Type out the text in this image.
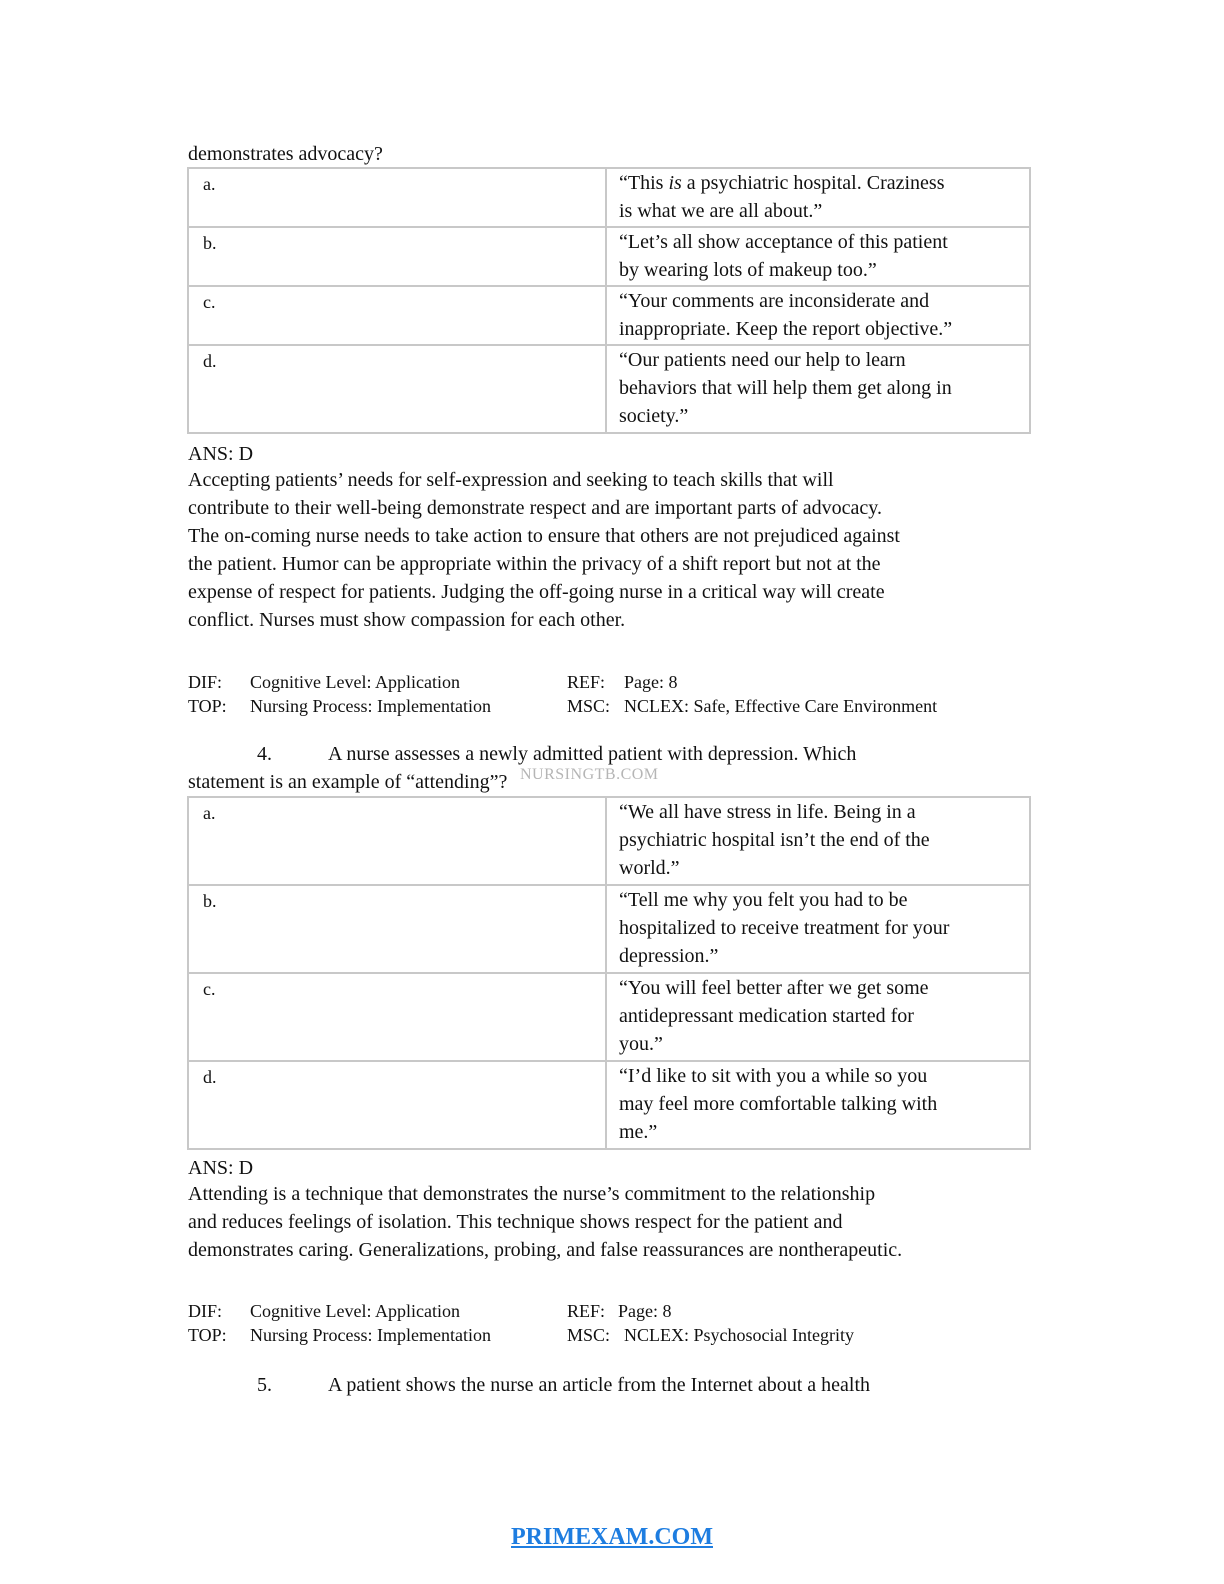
demonstrates advocacy?
a.	“This is a psychiatric hospital. Craziness
is what we are all about.”
b.	“Let’s all show acceptance of this patient
by wearing lots of makeup too.”
c.	“Your comments are inconsiderate and
inappropriate. Keep the report objective.”
d.	“Our patients need our help to learn
behaviors that will help them get along in
society.”
ANS: D
Accepting patients’ needs for self-expression and seeking to teach skills that will
contribute to their well-being demonstrate respect and are important parts of advocacy.
The on-coming nurse needs to take action to ensure that others are not prejudiced against
the patient. Humor can be appropriate within the privacy of a shift report but not at the
expense of respect for patients. Judging the off-going nurse in a critical way will create
conflict. Nurses must show compassion for each other.
DIF: Cognitive Level: Application	REF: Page: 8
TOP: Nursing Process: Implementation	MSC: NCLEX: Safe, Effective Care Environment
4.	A nurse assesses a newly admitted patient with depression. Which
statement is an example of “attending”? NURSINGTB.COM
a.	“We all have stress in life. Being in a
psychiatric hospital isn’t the end of the
world.”
b.	“Tell me why you felt you had to be
hospitalized to receive treatment for your
depression.”
c.	“You will feel better after we get some
antidepressant medication started for
you.”
d.	“I’d like to sit with you a while so you
may feel more comfortable talking with
me.”
ANS: D
Attending is a technique that demonstrates the nurse’s commitment to the relationship
and reduces feelings of isolation. This technique shows respect for the patient and
demonstrates caring. Generalizations, probing, and false reassurances are nontherapeutic.
DIF: Cognitive Level: Application	REF: Page: 8
TOP: Nursing Process: Implementation	MSC: NCLEX: Psychosocial Integrity
5.	A patient shows the nurse an article from the Internet about a health
PRIMEXAM.COM
